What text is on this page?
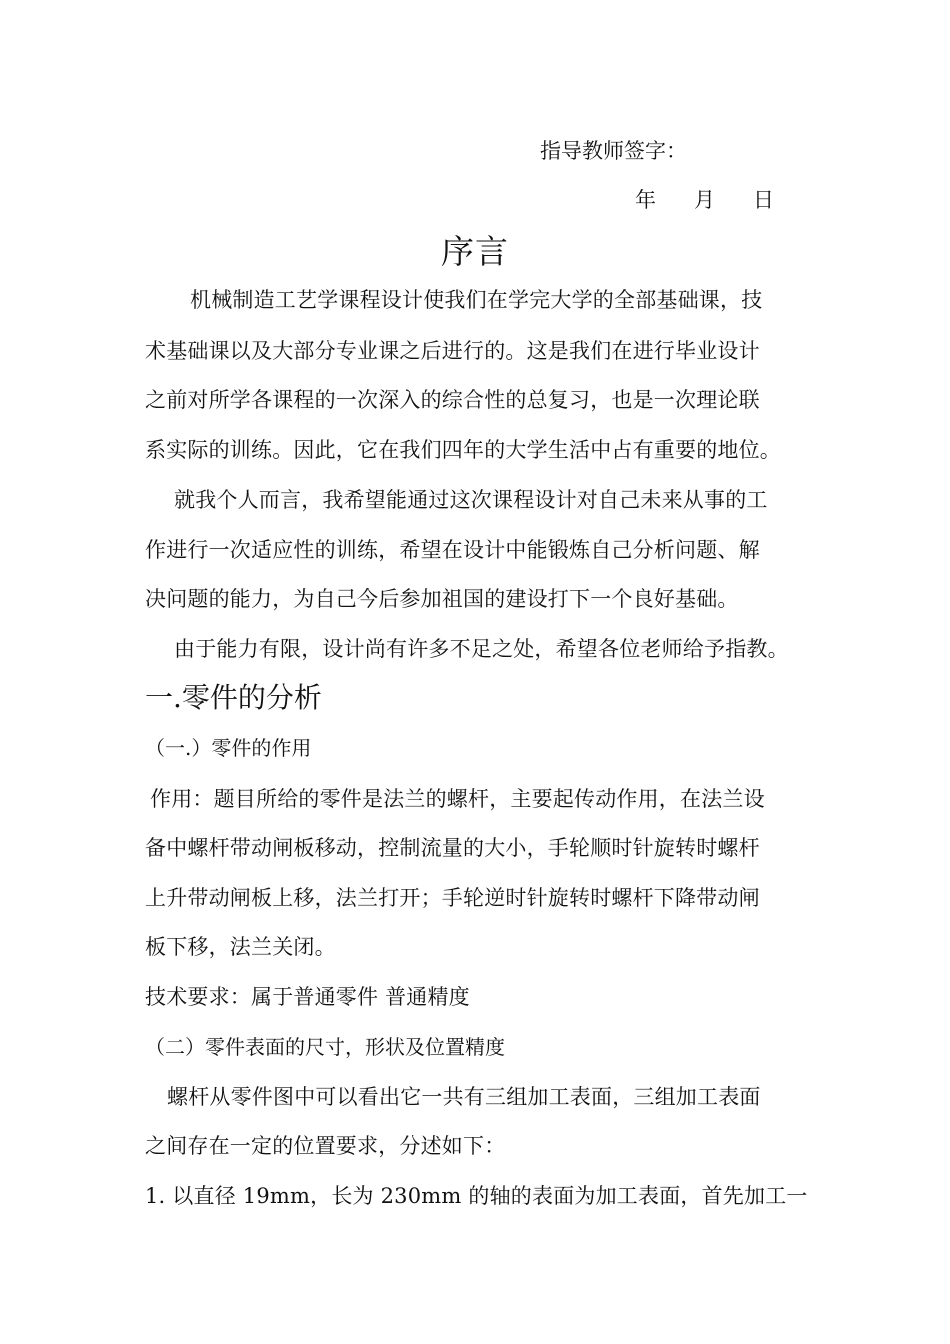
指导教师签字：
年 月 日
序言
机械制造工艺学课程设计使我们在学完大学的全部基础课，技
术基础课以及大部分专业课之后进行的。这是我们在进行毕业设计
之前对所学各课程的一次深入的综合性的总复习，也是一次理论联
系实际的训练。因此，它在我们四年的大学生活中占有重要的地位。
就我个人而言，我希望能通过这次课程设计对自己未来从事的工
作进行一次适应性的训练，希望在设计中能锻炼自己分析问题、解
决问题的能力，为自己今后参加祖国的建设打下一个良好基础。
由于能力有限，设计尚有许多不足之处，希望各位老师给予指教。
一.零件的分析
（一.）零件的作用
作用：题目所给的零件是法兰的螺杆，主要起传动作用，在法兰设
备中螺杆带动闸板移动，控制流量的大小，手轮顺时针旋转时螺杆
上升带动闸板上移，法兰打开；手轮逆时针旋转时螺杆下降带动闸
板下移，法兰关闭。
技术要求：属于普通零件 普通精度
（二）零件表面的尺寸，形状及位置精度
螺杆从零件图中可以看出它一共有三组加工表面，三组加工表面
之间存在一定的位置要求，分述如下：
1. 以直径 19mm，长为 230mm 的轴的表面为加工表面，首先加工一
